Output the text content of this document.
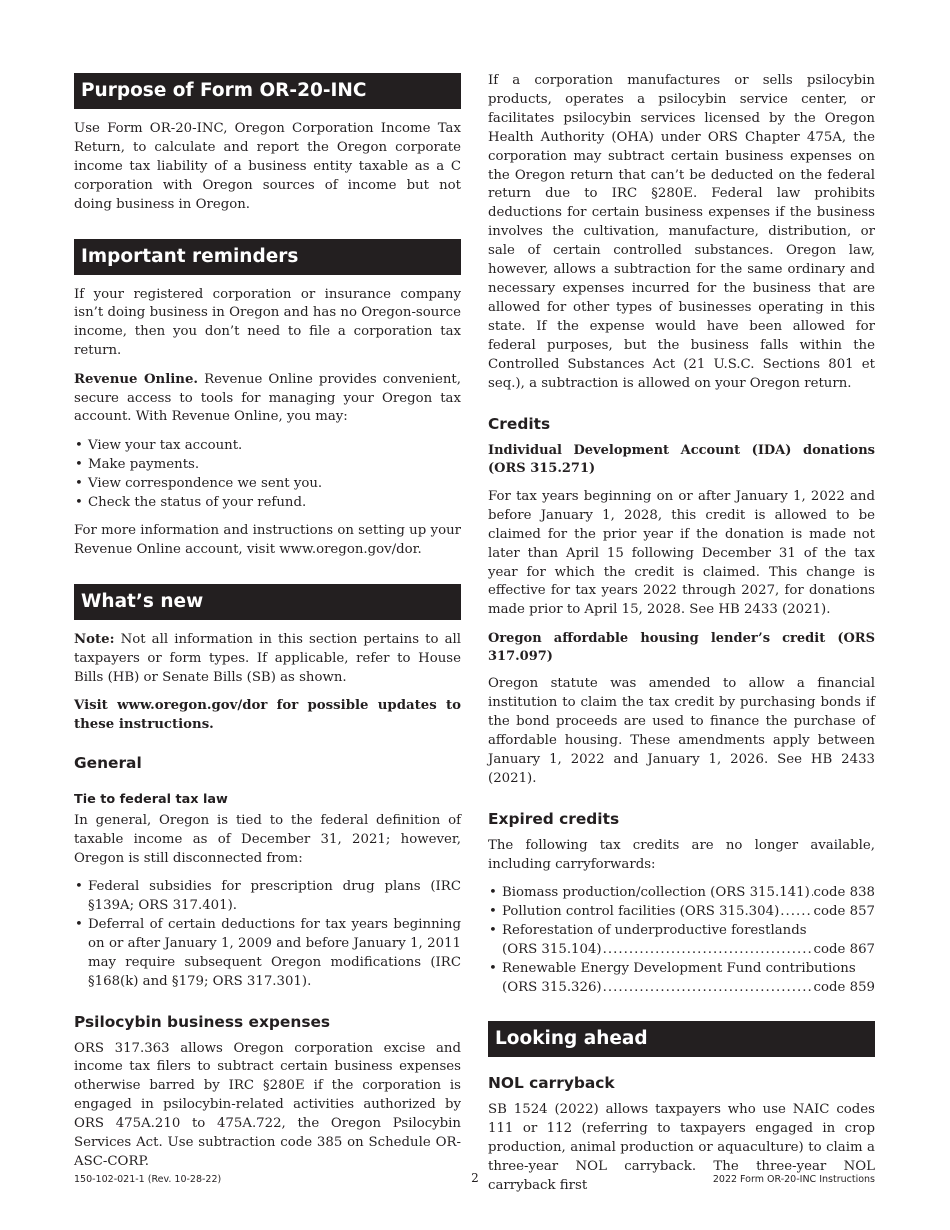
Purpose of Form OR-20-INC

Use Form OR-20-INC, Oregon Corporation Income Tax Return, to calculate and report the Oregon corporate income tax liability of a business entity taxable as a C corporation with Oregon sources of income but not doing business in Oregon.

Important reminders

If your registered corporation or insurance company isn’t doing business in Oregon and has no Oregon-source income, then you don’t need to file a corporation tax return.

Revenue Online. Revenue Online provides convenient, secure access to tools for managing your Oregon tax account. With Revenue Online, you may:

• View your tax account.
• Make payments.
• View correspondence we sent you.
• Check the status of your refund.

For more information and instructions on setting up your Revenue Online account, visit www.oregon.gov/dor.

What’s new

Note: Not all information in this section pertains to all taxpayers or form types. If applicable, refer to House Bills (HB) or Senate Bills (SB) as shown.

Visit www.oregon.gov/dor for possible updates to these instructions.

General
Tie to federal tax law

In general, Oregon is tied to the federal definition of taxable income as of December 31, 2021; however, Oregon is still disconnected from:

• Federal subsidies for prescription drug plans (IRC §139A; ORS 317.401).
• Deferral of certain deductions for tax years beginning on or after January 1, 2009 and before January 1, 2011 may require subsequent Oregon modifications (IRC §168(k) and §179; ORS 317.301).
Psilocybin business expenses

ORS 317.363 allows Oregon corporation excise and income tax filers to subtract certain business expenses otherwise barred by IRC §280E if the corporation is engaged in psilocybin-related activities authorized by ORS 475A.210 to 475A.722, the Oregon Psilocybin Services Act. Use subtraction code 385 on Schedule OR-ASC-CORP.

If a corporation manufactures or sells psilocybin products, operates a psilocybin service center, or facilitates psilocybin services licensed by the Oregon Health Authority (OHA) under ORS Chapter 475A, the corporation may subtract certain business expenses on the Oregon return that can’t be deducted on the federal return due to IRC §280E. Federal law prohibits deductions for certain business expenses if the business involves the cultivation, manufacture, distribution, or sale of certain controlled substances. Oregon law, however, allows a subtraction for the same ordinary and necessary expenses incurred for the business that are allowed for other types of businesses operating in this state. If the expense would have been allowed for federal purposes, but the business falls within the Controlled Substances Act (21 U.S.C. Sections 801 et seq.), a subtraction is allowed on your Oregon return.

Credits
Individual Development Account (IDA) donations (ORS 315.271)

For tax years beginning on or after January 1, 2022 and before January 1, 2028, this credit is allowed to be claimed for the prior year if the donation is made not later than April 15 following December 31 of the tax year for which the credit is claimed. This change is effective for tax years 2022 through 2027, for donations made prior to April 15, 2028. See HB 2433 (2021).

Oregon affordable housing lender’s credit (ORS 317.097)

Oregon statute was amended to allow a financial institution to claim the tax credit by purchasing bonds if the bond proceeds are used to finance the purchase of affordable housing. These amendments apply between January 1, 2022 and January 1, 2026. See HB 2433 (2021).

Expired credits

The following tax credits are no longer available, including carryforwards:

• Biomass production/collection (ORS 315.141) . . . code 838
• Pollution control facilities (ORS 315.304) . . .	code 857
• Reforestation of underproductive forestlands
(ORS 315.104) . . .	code 867
• Renewable Energy Development Fund contributions
(ORS 315.326) . . .	code 859
Looking ahead
NOL carryback

SB 1524 (2022) allows taxpayers who use NAIC codes 111 or 112 (referring to taxpayers engaged in crop production, animal production or aquaculture) to claim a three-year NOL carryback. The three-year NOL carryback first

150-102-021-1 (Rev. 10-28-22)	2	2022 Form OR-20-INC Instructions
